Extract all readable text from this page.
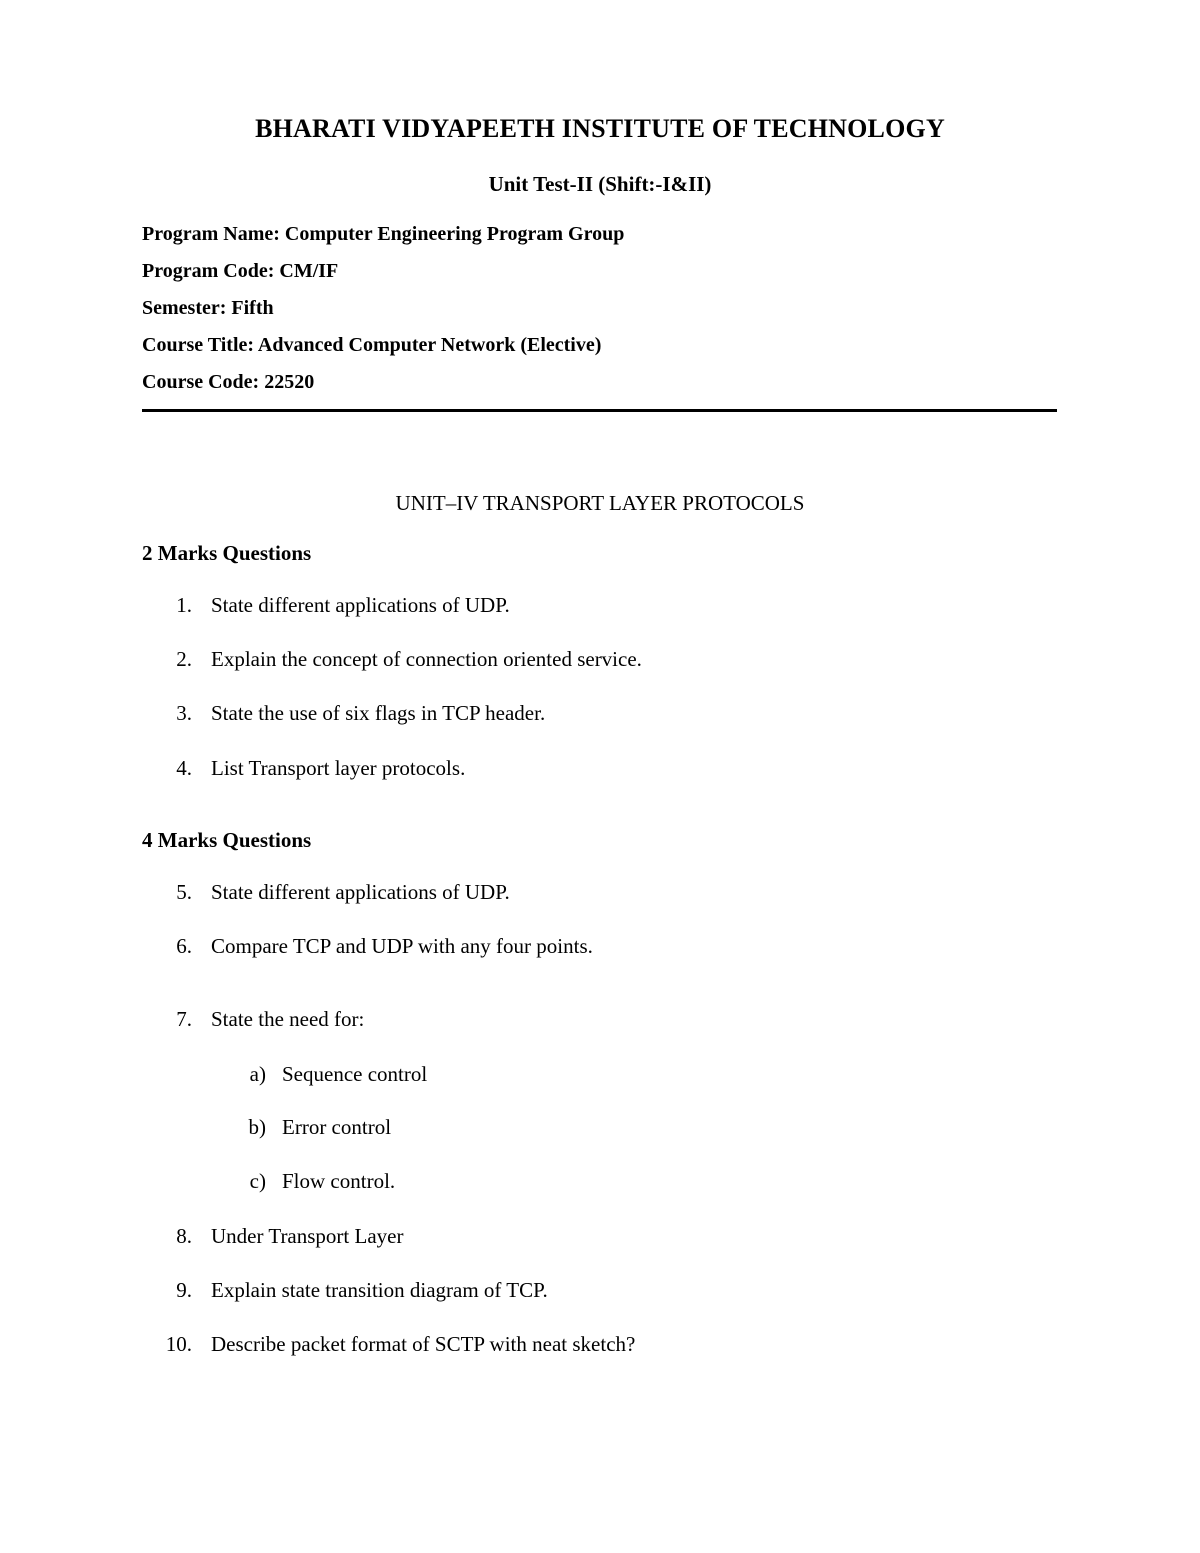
BHARATI VIDYAPEETH INSTITUTE OF TECHNOLOGY
Unit Test-II (Shift:-I&II)
Program Name: Computer Engineering Program Group
Program Code: CM/IF
Semester: Fifth
Course Title: Advanced Computer Network (Elective)
Course Code: 22520
UNIT–IV TRANSPORT LAYER PROTOCOLS
2 Marks Questions
1. State different applications of UDP.
2. Explain the concept of connection oriented service.
3. State the use of six flags in TCP header.
4. List Transport layer protocols.
4 Marks Questions
5. State different applications of UDP.
6. Compare TCP and UDP with any four points.
7. State the need for:
a) Sequence control
b) Error control
c) Flow control.
8. Under Transport Layer
9. Explain state transition diagram of TCP.
10. Describe packet format of SCTP with neat sketch?
